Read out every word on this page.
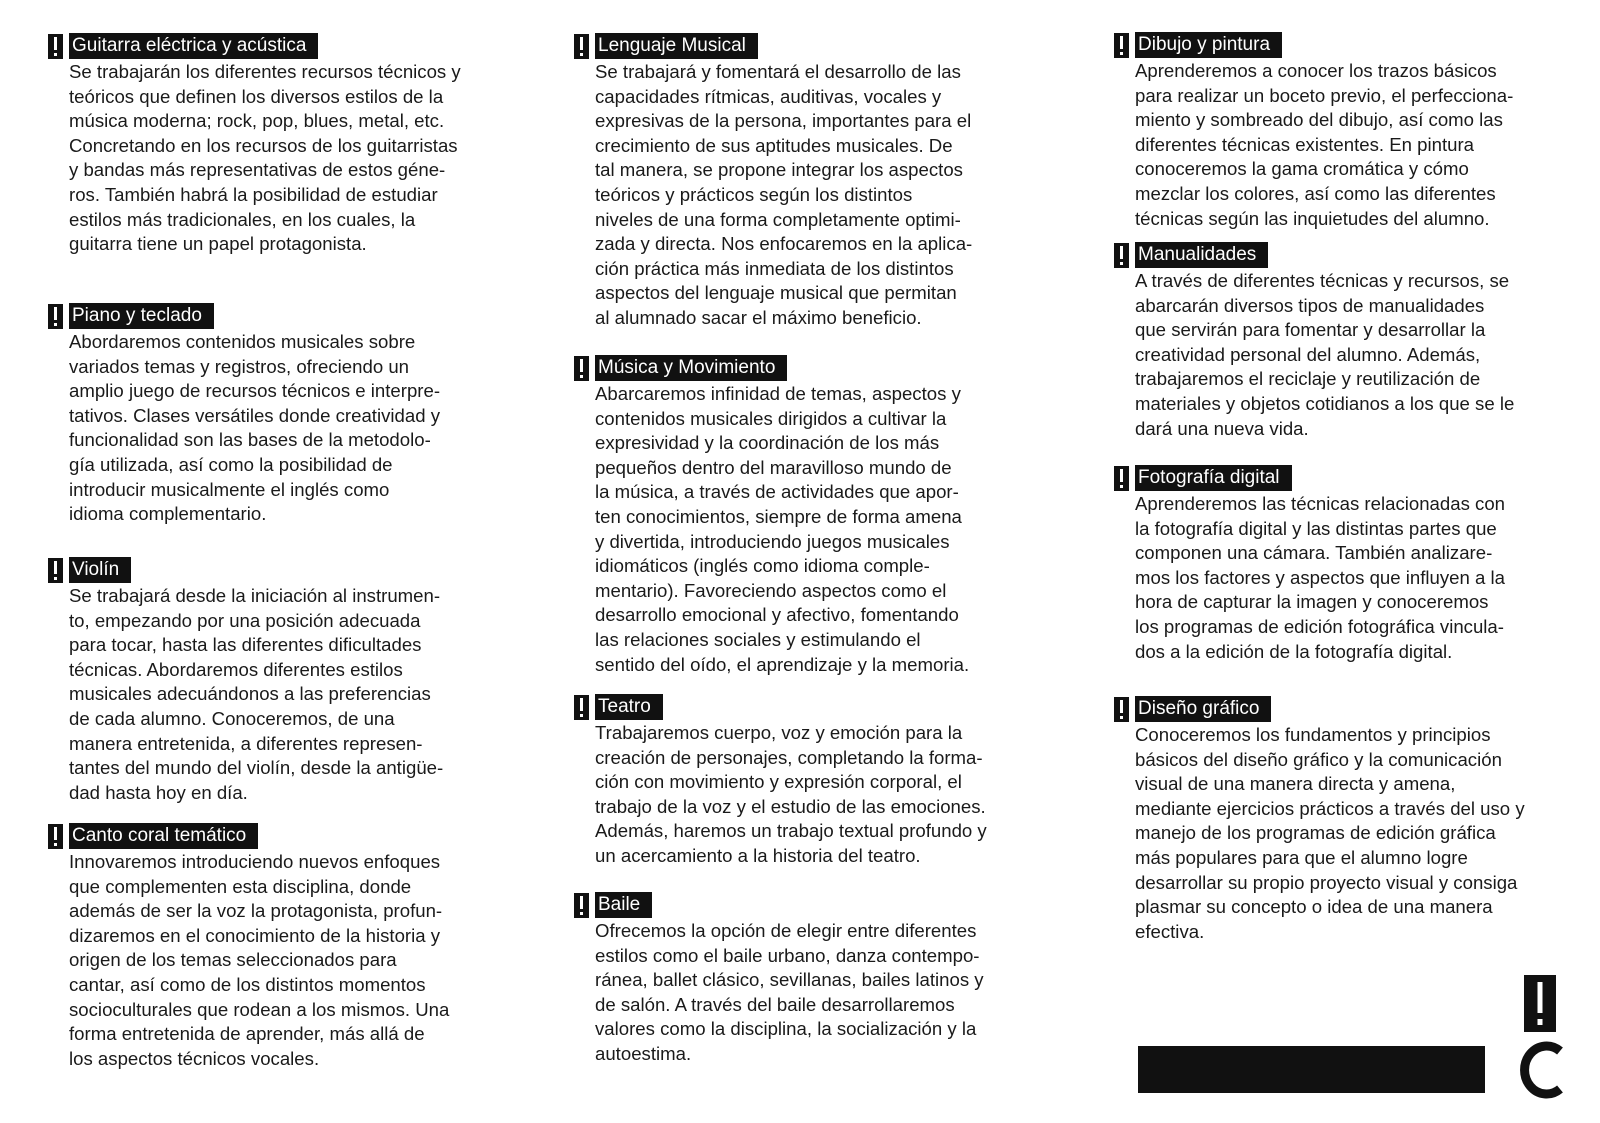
Guitarra eléctrica y acústica
Se trabajarán los diferentes recursos técnicos y
teóricos que definen los diversos estilos de la
música moderna; rock, pop, blues, metal, etc.
Concretando en los recursos de los guitarristas
y bandas más representativas de estos géne-
ros. También habrá la posibilidad de estudiar
estilos más tradicionales, en los cuales, la
guitarra tiene un papel protagonista.
Piano y teclado
Abordaremos contenidos musicales sobre
variados temas y registros, ofreciendo un
amplio juego de recursos técnicos e interpre-
tativos. Clases versátiles donde creatividad y
funcionalidad son las bases de la metodolo-
gía utilizada, así como la posibilidad de
introducir musicalmente el inglés como
idioma complementario.
Violín
Se trabajará desde la iniciación al instrumen-
to, empezando por una posición adecuada
para tocar, hasta las diferentes dificultades
técnicas. Abordaremos diferentes estilos
musicales adecuándonos a las preferencias
de cada alumno. Conoceremos, de una
manera entretenida, a diferentes represen-
tantes del mundo del violín, desde la antigüe-
dad hasta hoy en día.
Canto coral temático
Innovaremos introduciendo nuevos enfoques
que complementen esta disciplina, donde
además de ser la voz la protagonista, profun-
dizaremos en el conocimiento de la historia y
origen de los temas seleccionados para
cantar, así como de los distintos momentos
socioculturales que rodean a los mismos. Una
forma entretenida de aprender, más allá de
los aspectos técnicos vocales.
Lenguaje Musical
Se trabajará y fomentará el desarrollo de las
capacidades rítmicas, auditivas, vocales y
expresivas de la persona, importantes para el
crecimiento de sus aptitudes musicales. De
tal manera, se propone integrar los aspectos
teóricos y prácticos según los distintos
niveles de una forma completamente optimi-
zada y directa. Nos enfocaremos en la aplica-
ción práctica más inmediata de los distintos
aspectos del lenguaje musical que permitan
al alumnado sacar el máximo beneficio.
Música y Movimiento
Abarcaremos infinidad de temas, aspectos y
contenidos musicales dirigidos a cultivar la
expresividad y la coordinación de los más
pequeños dentro del maravilloso mundo de
la música, a través de actividades que apor-
ten conocimientos, siempre de forma amena
y divertida, introduciendo juegos musicales
idiomáticos (inglés como idioma comple-
mentario). Favoreciendo aspectos como el
desarrollo emocional y afectivo, fomentando
las relaciones sociales y estimulando el
sentido del oído, el aprendizaje y la memoria.
Teatro
Trabajaremos cuerpo, voz y emoción para la
creación de personajes, completando la forma-
ción con movimiento y expresión corporal, el
trabajo de la voz y el estudio de las emociones.
Además, haremos un trabajo textual profundo y
un acercamiento a la historia del teatro.
Baile
Ofrecemos la opción de elegir entre diferentes
estilos como el baile urbano, danza contempo-
ránea, ballet clásico, sevillanas, bailes latinos y
de salón. A través del baile desarrollaremos
valores como la disciplina, la socialización y la
autoestima.
Dibujo y pintura
Aprenderemos a conocer los trazos básicos
para realizar un boceto previo, el perfecciona-
miento y sombreado del dibujo, así como las
diferentes técnicas existentes. En pintura
conoceremos la gama cromática y cómo
mezclar los colores, así como las diferentes
técnicas según las inquietudes del alumno.
Manualidades
A través de diferentes técnicas y recursos, se
abarcarán diversos tipos de manualidades
que servirán para fomentar y desarrollar la
creatividad personal del alumno. Además,
trabajaremos el reciclaje y reutilización de
materiales y objetos cotidianos a los que se le
dará una nueva vida.
Fotografía digital
Aprenderemos las técnicas relacionadas con
la fotografía digital y las distintas partes que
componen una cámara. También analizare-
mos los factores y aspectos que influyen a la
hora de capturar la imagen y conoceremos
los programas de edición fotográfica vincula-
dos a la edición de la fotografía digital.
Diseño gráfico
Conoceremos los fundamentos y principios
básicos del diseño gráfico y la comunicación
visual de una manera directa y amena,
mediante ejercicios prácticos a través del uso y
manejo de los programas de edición gráfica
más populares para que el alumno logre
desarrollar su propio proyecto visual y consiga
plasmar su concepto o idea de una manera
efectiva.
